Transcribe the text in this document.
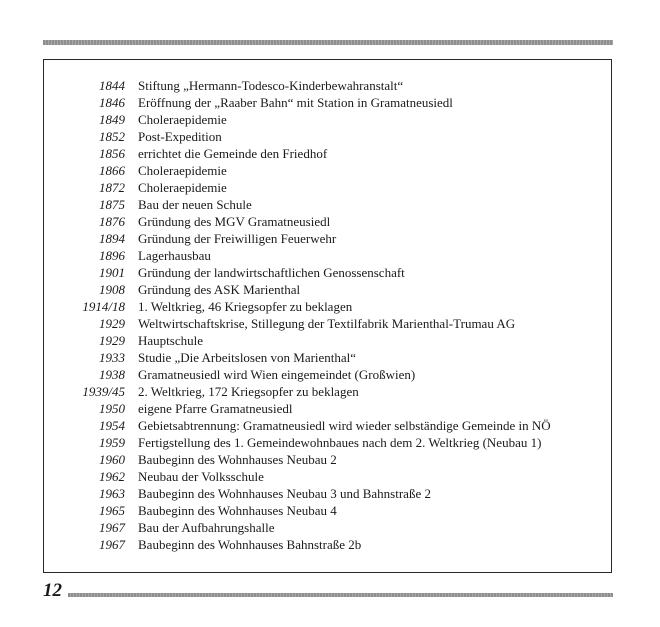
1844 Stiftung „Hermann-Todesco-Kinderbewahranstalt“
1846 Eröffnung der „Raaber Bahn“ mit Station in Gramatneusiedl
1849 Choleraepidemie
1852 Post-Expedition
1856 errichtet die Gemeinde den Friedhof
1866 Choleraepidemie
1872 Choleraepidemie
1875 Bau der neuen Schule
1876 Gründung des MGV Gramatneusiedl
1894 Gründung der Freiwilligen Feuerwehr
1896 Lagerhausbau
1901 Gründung der landwirtschaftlichen Genossenschaft
1908 Gründung des ASK Marienthal
1914/18 1. Weltkrieg, 46 Kriegsopfer zu beklagen
1929 Weltwirtschaftskrise, Stillegung der Textilfabrik Marienthal-Trumau AG
1929 Hauptschule
1933 Studie „Die Arbeitslosen von Marienthal“
1938 Gramatneusiedl wird Wien eingemeindet (Großwien)
1939/45 2. Weltkrieg, 172 Kriegsopfer zu beklagen
1950 eigene Pfarre Gramatneusiedl
1954 Gebietsabtrennung: Gramatneusiedl wird wieder selbständige Gemeinde in NÖ
1959 Fertigstellung des 1. Gemeindewohnbaues nach dem 2. Weltkrieg (Neubau 1)
1960 Baubeginn des Wohnhauses Neubau 2
1962 Neubau der Volksschule
1963 Baubeginn des Wohnhauses Neubau 3 und Bahnstraße 2
1965 Baubeginn des Wohnhauses Neubau 4
1967 Bau der Aufbahrungshalle
1967 Baubeginn des Wohnhauses Bahnstraße 2b
12
